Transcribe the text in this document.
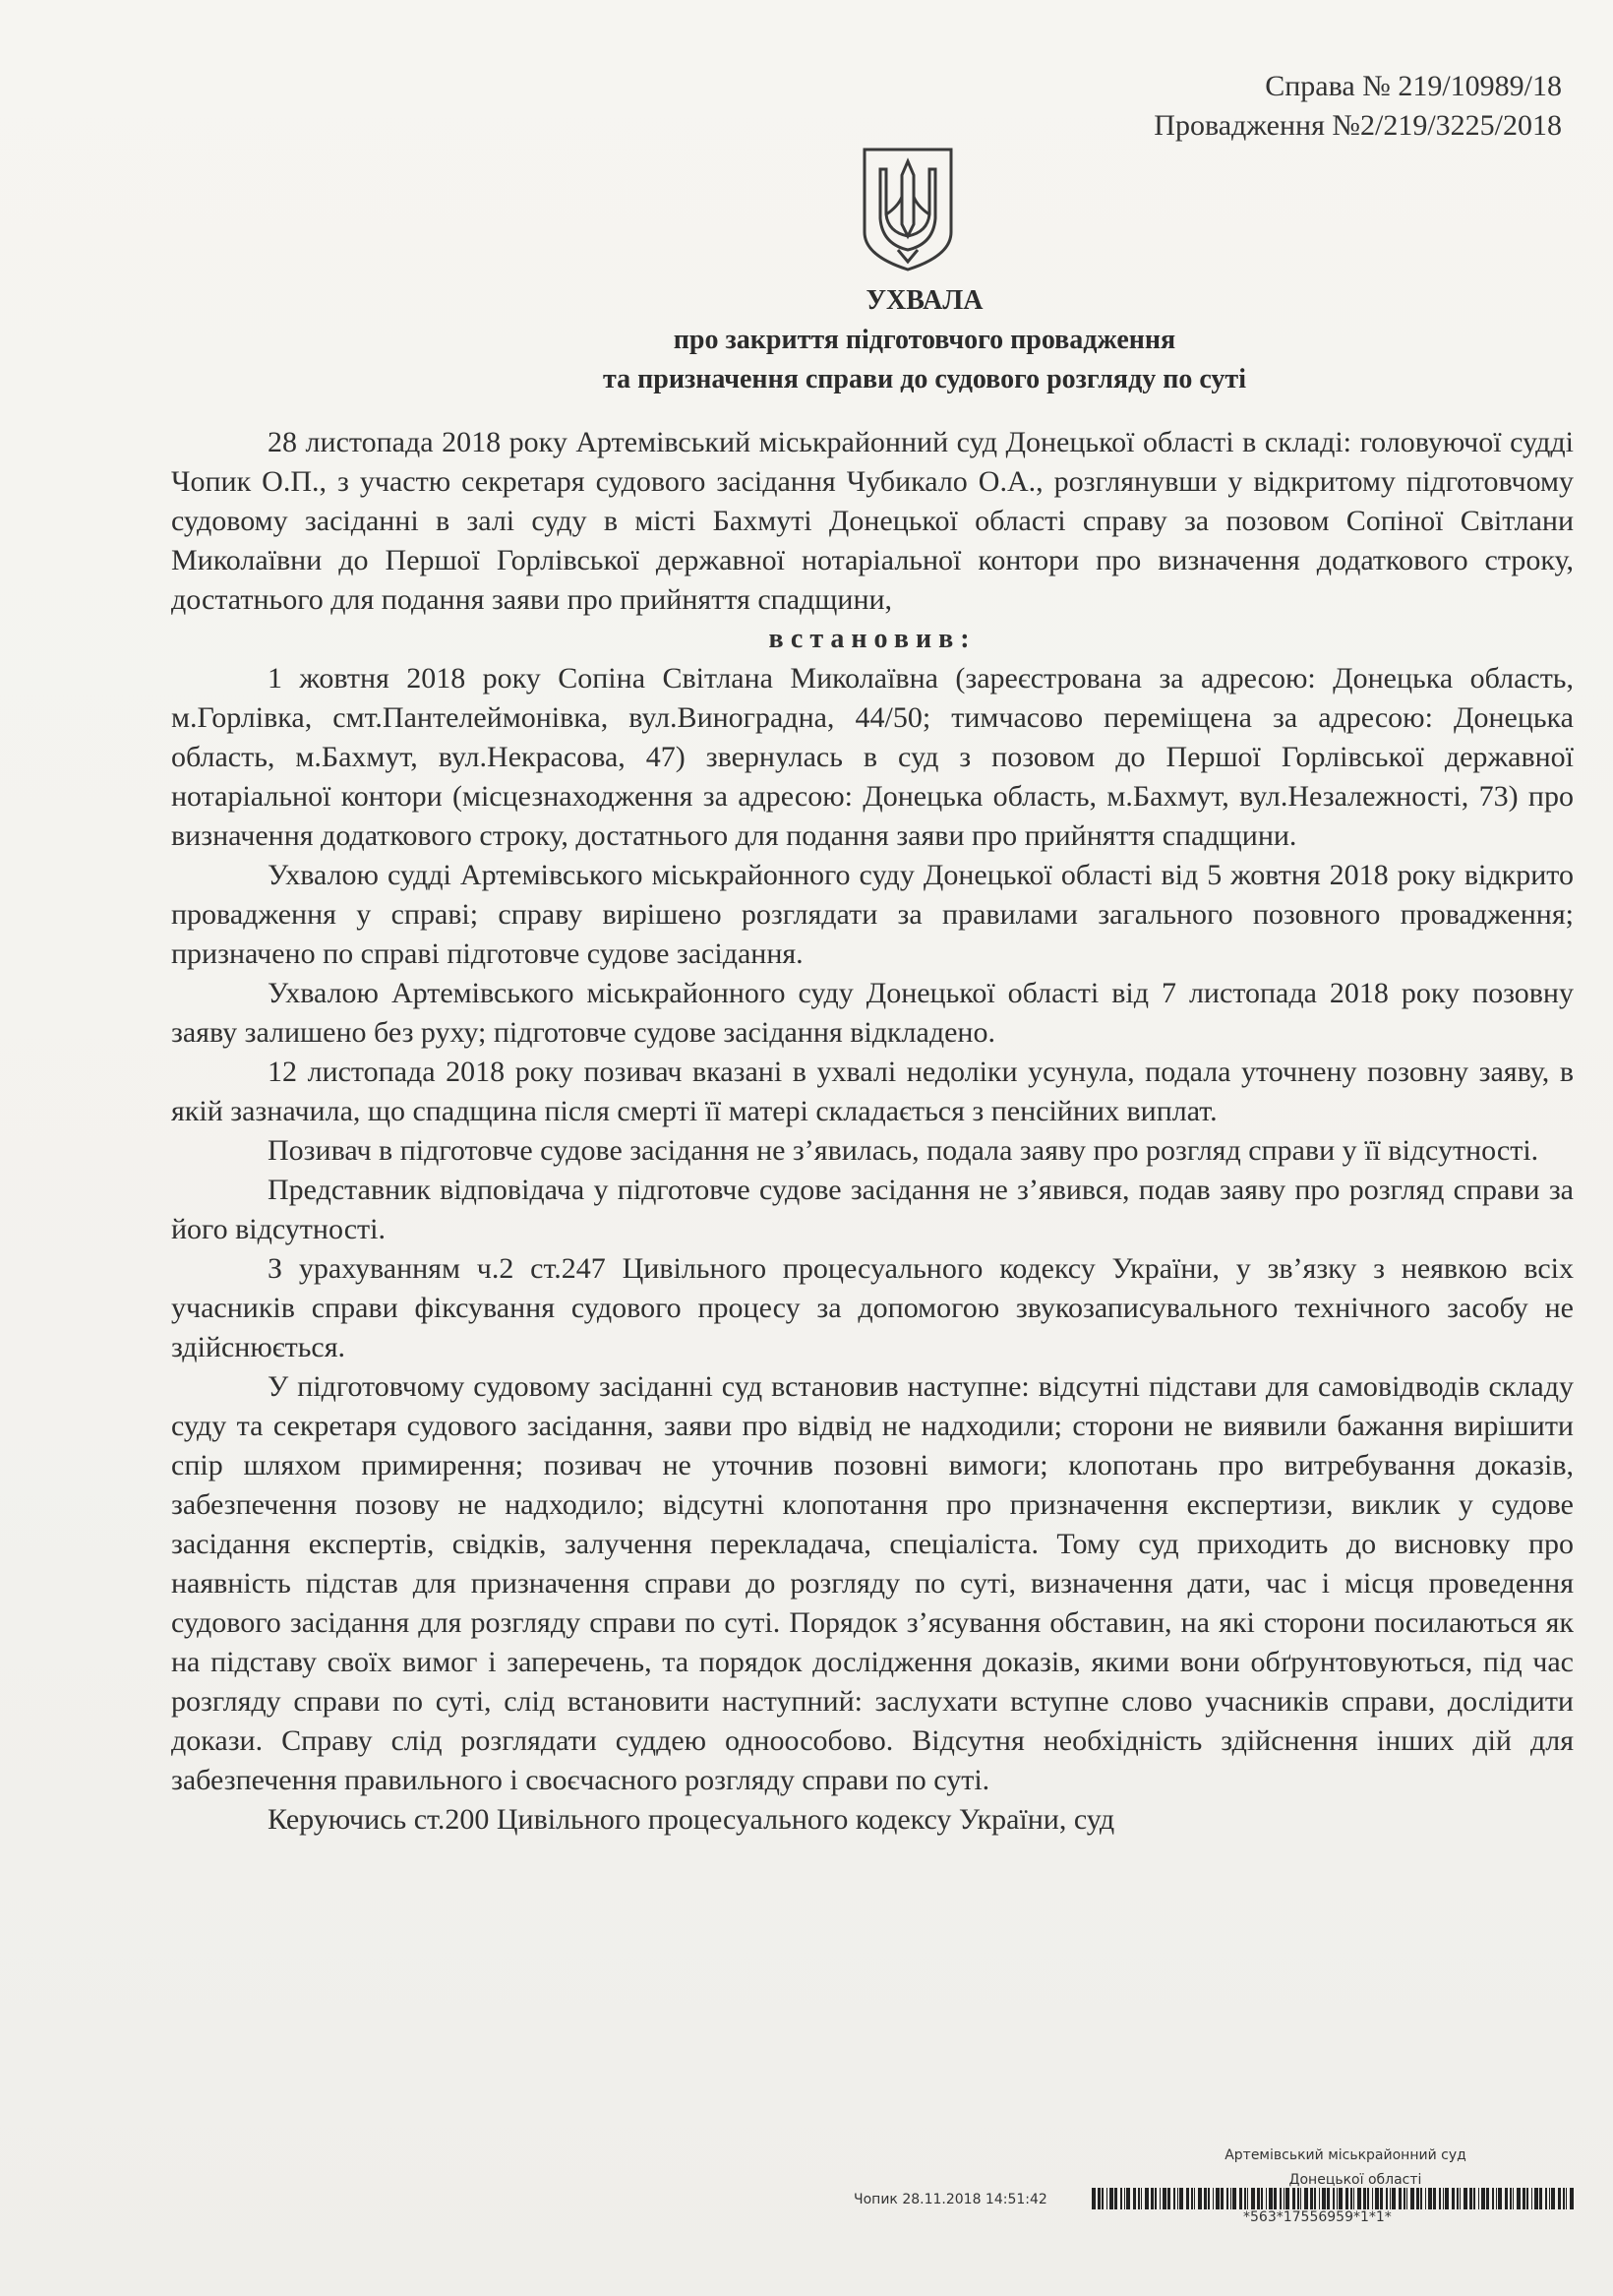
Справа № 219/10989/18
Провадження №2/219/3225/2018
УХВАЛА
про закриття підготовчого провадження
та призначення справи до судового розгляду по суті

28 листопада 2018 року Артемівський міськрайонний суд Донецької області в складі: головуючої судді Чопик О.П., з участю секретаря судового засідання Чубикало О.А., розглянувши у відкритому підготовчому судовому засіданні в залі суду в місті Бахмуті Донецької області справу за позовом Сопіної Світлани Миколаївни до Першої Горлівської державної нотаріальної контори про визначення додаткового строку, достатнього для подання заяви про прийняття спадщини,

встановив:

1 жовтня 2018 року Сопіна Світлана Миколаївна (зареєстрована за адресою: Донецька область, м.Горлівка, смт.Пантелеймонівка, вул.Виноградна, 44/50; тимчасово переміщена за адресою: Донецька область, м.Бахмут, вул.Некрасова, 47) звернулась в суд з позовом до Першої Горлівської державної нотаріальної контори (місцезнаходження за адресою: Донецька область, м.Бахмут, вул.Незалежності, 73) про визначення додаткового строку, достатнього для подання заяви про прийняття спадщини.

Ухвалою судді Артемівського міськрайонного суду Донецької області від 5 жовтня 2018 року відкрито провадження у справі; справу вирішено розглядати за правилами загального позовного провадження; призначено по справі підготовче судове засідання.

Ухвалою Артемівського міськрайонного суду Донецької області від 7 листопада 2018 року позовну заяву залишено без руху; підготовче судове засідання відкладено.

12 листопада 2018 року позивач вказані в ухвалі недоліки усунула, подала уточнену позовну заяву, в якій зазначила, що спадщина після смерті її матері складається з пенсійних виплат.

Позивач в підготовче судове засідання не з’явилась, подала заяву про розгляд справи у її відсутності.

Представник відповідача у підготовче судове засідання не з’явився, подав заяву про розгляд справи за його відсутності.

З урахуванням ч.2 ст.247 Цивільного процесуального кодексу України, у зв’язку з неявкою всіх учасників справи фіксування судового процесу за допомогою звукозаписувального технічного засобу не здійснюється.

У підготовчому судовому засіданні суд встановив наступне: відсутні підстави для самовідводів складу суду та секретаря судового засідання, заяви про відвід не надходили; сторони не виявили бажання вирішити спір шляхом примирення; позивач не уточнив позовні вимоги; клопотань про витребування доказів, забезпечення позову не надходило; відсутні клопотання про призначення експертизи, виклик у судове засідання експертів, свідків, залучення перекладача, спеціаліста. Тому суд приходить до висновку про наявність підстав для призначення справи до розгляду по суті, визначення дати, час і місця проведення судового засідання для розгляду справи по суті. Порядок з’ясування обставин, на які сторони посилаються як на підставу своїх вимог і заперечень, та порядок дослідження доказів, якими вони обґрунтовуються, під час розгляду справи по суті, слід встановити наступний: заслухати вступне слово учасників справи, дослідити докази. Справу слід розглядати суддею одноособово. Відсутня необхідність здійснення інших дій для забезпечення правильного і своєчасного розгляду справи по суті.

Керуючись ст.200 Цивільного процесуального кодексу України, суд

Артемівський міськрайонний суд
Донецької області
Чопик 28.11.2018 14:51:42
*563*17556959*1*1*
